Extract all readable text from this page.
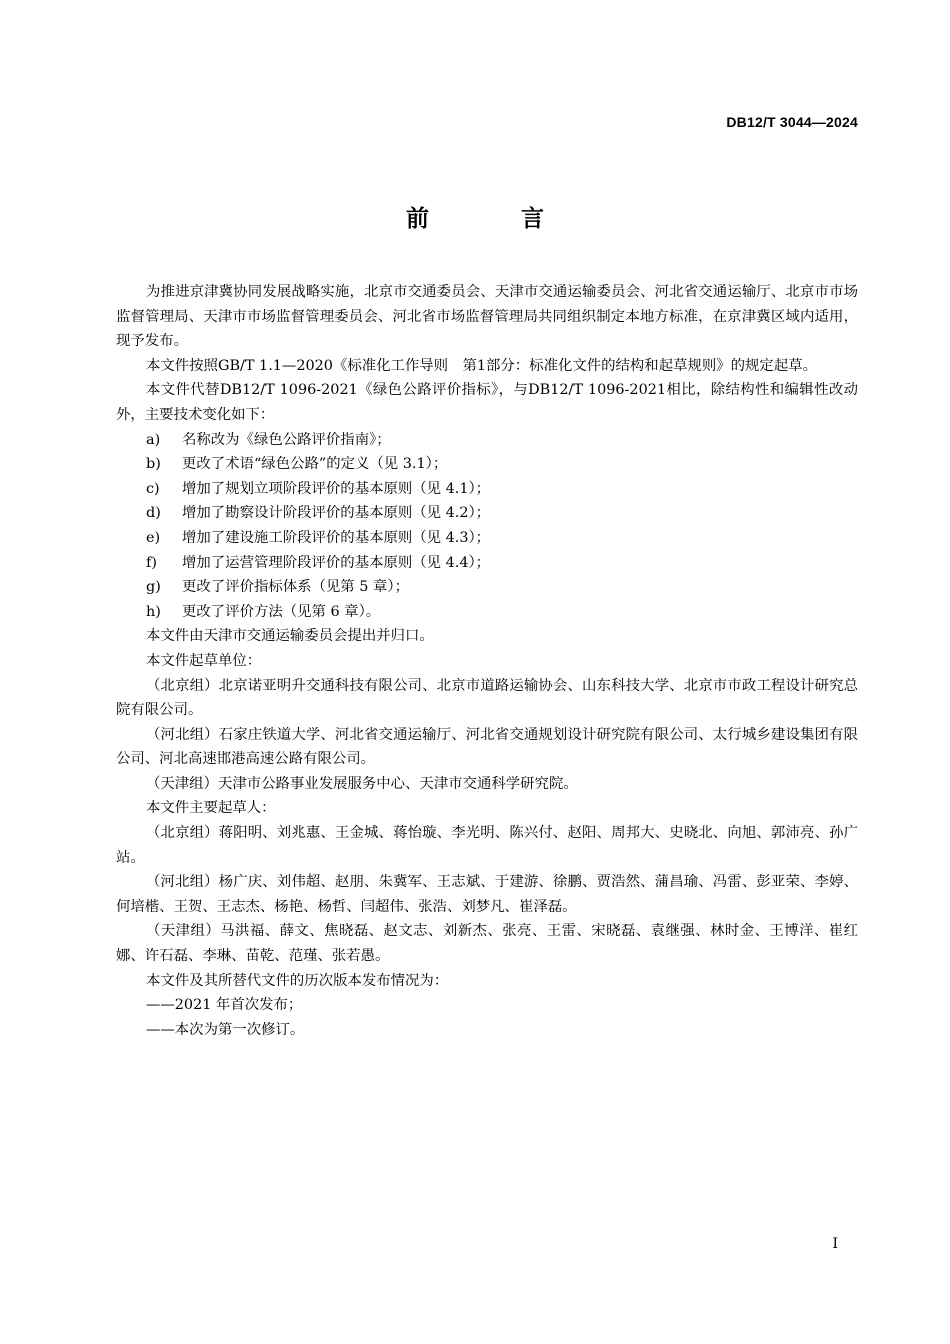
DB12/T 3044—2024
前 言

为推进京津冀协同发展战略实施，北京市交通委员会、天津市交通运输委员会、河北省交通运输厅、北京市市场监督管理局、天津市市场监督管理委员会、河北省市场监督管理局共同组织制定本地方标准，在京津冀区域内适用，现予发布。

本文件按照GB/T 1.1—2020《标准化工作导则　第1部分：标准化文件的结构和起草规则》的规定起草。

本文件代替DB12/T 1096-2021《绿色公路评价指标》，与DB12/T 1096-2021相比，除结构性和编辑性改动外，主要技术变化如下：

a) 名称改为《绿色公路评价指南》；

b) 更改了术语“绿色公路”的定义（见 3.1）；

c) 增加了规划立项阶段评价的基本原则（见 4.1）；

d) 增加了勘察设计阶段评价的基本原则（见 4.2）；

e) 增加了建设施工阶段评价的基本原则（见 4.3）；

f) 增加了运营管理阶段评价的基本原则（见 4.4）；

g) 更改了评价指标体系（见第 5 章）；

h) 更改了评价方法（见第 6 章）。

本文件由天津市交通运输委员会提出并归口。

本文件起草单位：

（北京组）北京诺亚明升交通科技有限公司、北京市道路运输协会、山东科技大学、北京市市政工程设计研究总院有限公司。

（河北组）石家庄铁道大学、河北省交通运输厅、河北省交通规划设计研究院有限公司、太行城乡建设集团有限公司、河北高速邯港高速公路有限公司。

（天津组）天津市公路事业发展服务中心、天津市交通科学研究院。

本文件主要起草人：

（北京组）蒋阳明、刘兆惠、王金城、蒋怡璇、李光明、陈兴付、赵阳、周邦大、史晓北、向旭、郭沛亮、孙广站。

（河北组）杨广庆、刘伟超、赵朋、朱冀军、王志斌、于建游、徐鹏、贾浩然、蒲昌瑜、冯雷、彭亚荣、李婷、何培楷、王贺、王志杰、杨艳、杨哲、闫超伟、张浩、刘梦凡、崔泽磊。

（天津组）马洪福、薛文、焦晓磊、赵文志、刘新杰、张亮、王雷、宋晓磊、袁继强、林时金、王博洋、崔红娜、许石磊、李琳、苗乾、范瑾、张若愚。

本文件及其所替代文件的历次版本发布情况为：

——2021 年首次发布；

——本次为第一次修订。

I
